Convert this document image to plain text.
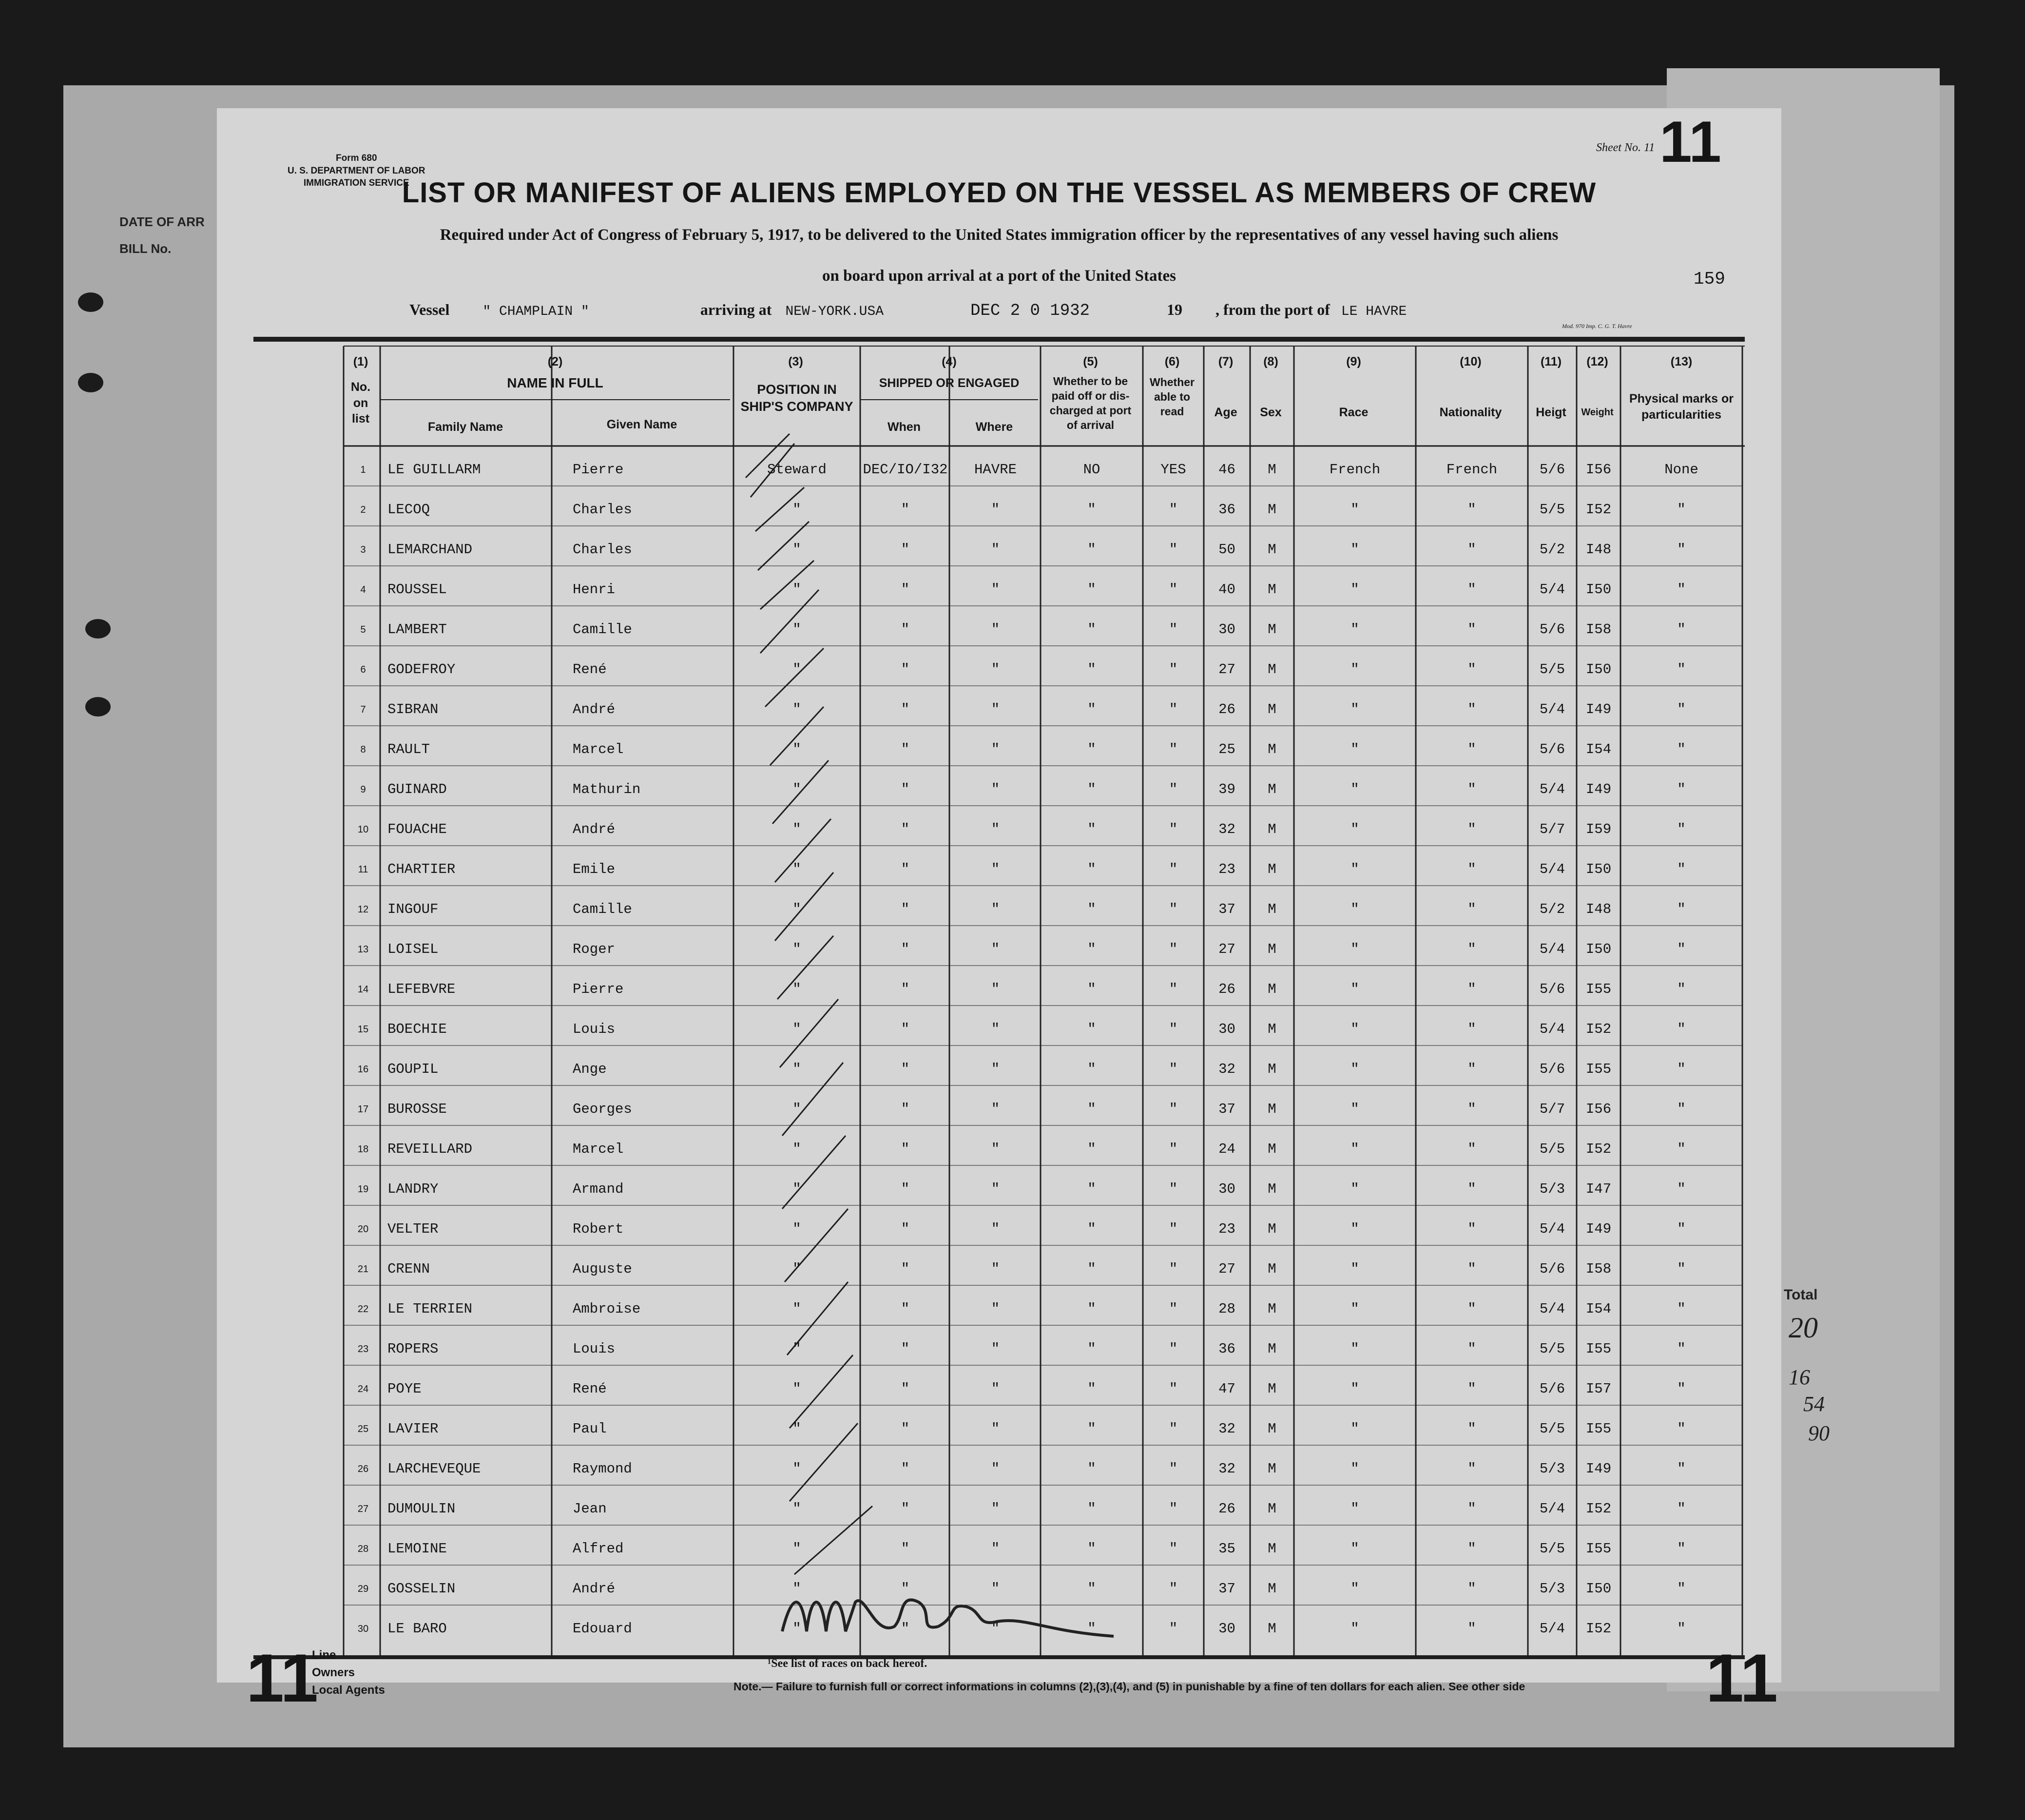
DATE OF ARR
BILL No.
Total
20
16
54
90
Form 680
U. S. DEPARTMENT OF LABOR
IMMIGRATION SERVICE
Sheet No. 11 11
LIST OR MANIFEST OF ALIENS EMPLOYED ON THE VESSEL AS MEMBERS OF CREW
Required under Act of Congress of February 5, 1917, to be delivered to the United States immigration officer by the representatives of any vessel having such aliens
on board upon arrival at a port of the United States	159
Vessel " CHAMPLAIN "	arriving at NEW-YORK.USA	DEC 2 0 1932	19 , from the port of LE HAVRE
Mod. 970 Imp. C. G. T. Havre
(1)
No. on list
(2)
NAME IN FULL
Family Name	Given Name
(3)
POSITION IN SHIP'S COMPANY
(4)
SHIPPED OR ENGAGED
When	Where
(5)
Whether to be paid off or dis-charged at port of arrival
(6)
Whether able to read
(7)
Age
(8)
Sex
(9)
Race
(10)
Nationality
(11)
Heigt
(12)
Weight
(13)
Physical marks or particularities
1	LE GUILLARM	Pierre	Steward	DEC/IO/I32	HAVRE	NO	YES	46	M	French	French	5/6	I56	None
2	LECOQ	Charles	"	"	"	"	"	36	M	"	"	5/5	I52	"
3	LEMARCHAND	Charles	"	"	"	"	"	50	M	"	"	5/2	I48	"
4	ROUSSEL	Henri	"	"	"	"	"	40	M	"	"	5/4	I50	"
5	LAMBERT	Camille	"	"	"	"	"	30	M	"	"	5/6	I58	"
6	GODEFROY	René	"	"	"	"	"	27	M	"	"	5/5	I50	"
7	SIBRAN	André	"	"	"	"	"	26	M	"	"	5/4	I49	"
8	RAULT	Marcel	"	"	"	"	"	25	M	"	"	5/6	I54	"
9	GUINARD	Mathurin	"	"	"	"	"	39	M	"	"	5/4	I49	"
10	FOUACHE	André	"	"	"	"	"	32	M	"	"	5/7	I59	"
11	CHARTIER	Emile	"	"	"	"	"	23	M	"	"	5/4	I50	"
12	INGOUF	Camille	"	"	"	"	"	37	M	"	"	5/2	I48	"
13	LOISEL	Roger	"	"	"	"	"	27	M	"	"	5/4	I50	"
14	LEFEBVRE	Pierre	"	"	"	"	"	26	M	"	"	5/6	I55	"
15	BOECHIE	Louis	"	"	"	"	"	30	M	"	"	5/4	I52	"
16	GOUPIL	Ange	"	"	"	"	"	32	M	"	"	5/6	I55	"
17	BUROSSE	Georges	"	"	"	"	"	37	M	"	"	5/7	I56	"
18	REVEILLARD	Marcel	"	"	"	"	"	24	M	"	"	5/5	I52	"
19	LANDRY	Armand	"	"	"	"	"	30	M	"	"	5/3	I47	"
20	VELTER	Robert	"	"	"	"	"	23	M	"	"	5/4	I49	"
21	CRENN	Auguste	"	"	"	"	"	27	M	"	"	5/6	I58	"
22	LE TERRIEN	Ambroise	"	"	"	"	"	28	M	"	"	5/4	I54	"
23	ROPERS	Louis	"	"	"	"	"	36	M	"	"	5/5	I55	"
24	POYE	René	"	"	"	"	"	47	M	"	"	5/6	I57	"
25	LAVIER	Paul	"	"	"	"	"	32	M	"	"	5/5	I55	"
26	LARCHEVEQUE	Raymond	"	"	"	"	"	32	M	"	"	5/3	I49	"
27	DUMOULIN	Jean	"	"	"	"	"	26	M	"	"	5/4	I52	"
28	LEMOINE	Alfred	"	"	"	"	"	35	M	"	"	5/5	I55	"
29	GOSSELIN	André	"	"	"	"	"	37	M	"	"	5/3	I50	"
30	LE BARO	Edouard	"	"	"	"	"	30	M	"	"	5/4	I52	"
Line
Owners
Local Agents
¹See list of races on back hereof.
Note.— Failure to furnish full or correct informations in columns (2),(3),(4), and (5) in punishable by a fine of ten dollars for each alien. See other side
11	11
